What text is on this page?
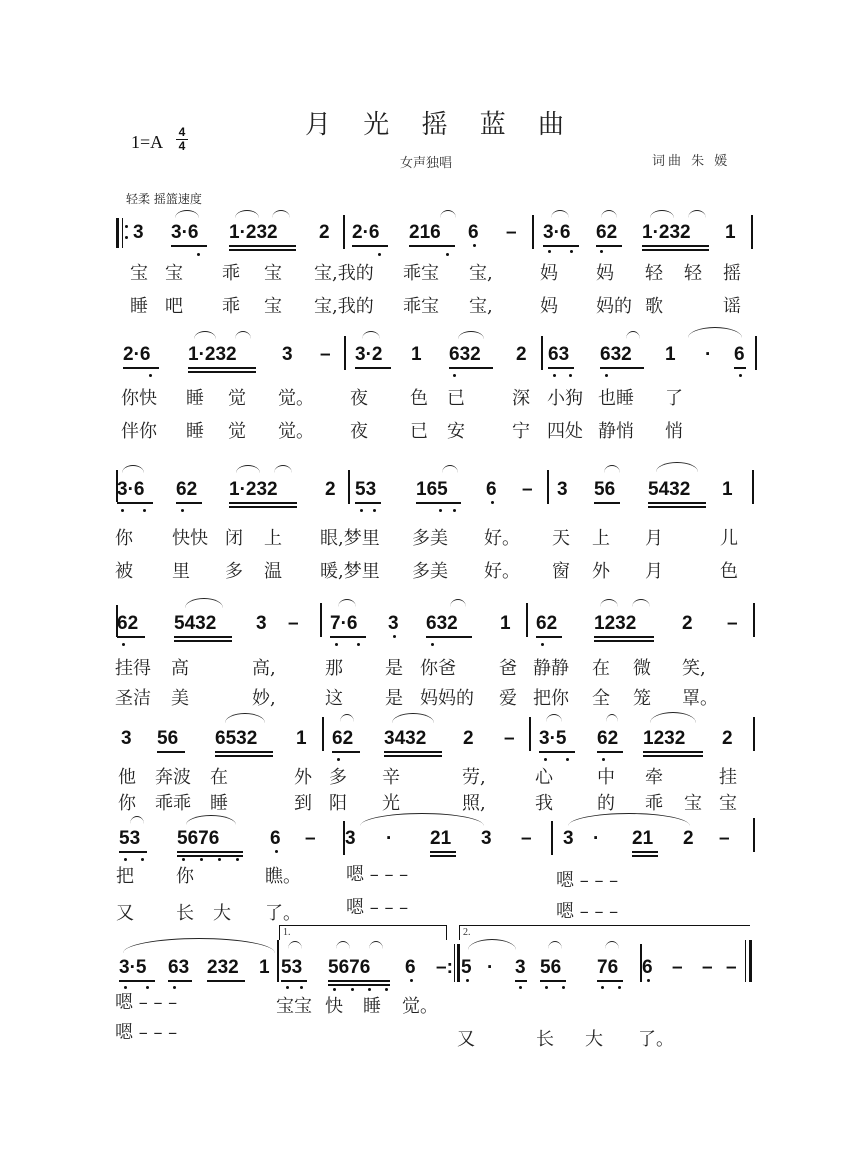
月 光 摇 蓝 曲
1=A 4
4
女声独唱	词曲 朱 媛
轻柔 摇篮速度
3 3·6 1·232 2 2·6 216 6 – 3·6 62 1·232 1
宝 宝 乖 宝 宝,我的 乖宝 宝,	妈 妈 轻 轻 摇
睡 吧 乖 宝 宝,我的 乖宝 宝,	妈 妈的 歌	谣
2·6 1·232 3 – 3·2 1 632 2 63 632 1 · 6
你快 睡 觉 觉。 夜 色 已	深 小狗 也睡 了
伴你 睡 觉 觉。 夜 已 安	宁 四处 静悄 悄
3·6 62 1·232 2 53 165 6 – 3 56 5432 1
你 快快 闭 上 眼,梦里 多美 好。 天 上 月	儿
被 里 多 温 暖,梦里 多美 好。 窗 外 月	色
62 5432 3 – 7·6 3 632 1 62 1232 2 –
挂得 高	高,	那 是 你爸 爸 静静 在 微 笑,
圣洁 美	妙,	这 是 妈妈的 爱 把你 全 笼 罩。
3 56 6532 1 62 3432 2 – 3·5 62 1232 2
他 奔波 在	外 多 辛	劳,	心 中 牵	挂
你 乖乖 睡	到 阳 光	照,	我 的 乖 宝 宝
53 5676	6 – 3 · 21 3 – 3 · 21 2 –
把 你	瞧。	嗯 – – –	嗯 – – –
又 长 大 了。	嗯 – – –	嗯 – – –
1.	2.
3·5 63 232 1 53 5676 6 –: 5 · 3 56 76 6 – – –
嗯 – – –	宝宝 快 睡 觉。
嗯 – – –	又	长 大 了。
